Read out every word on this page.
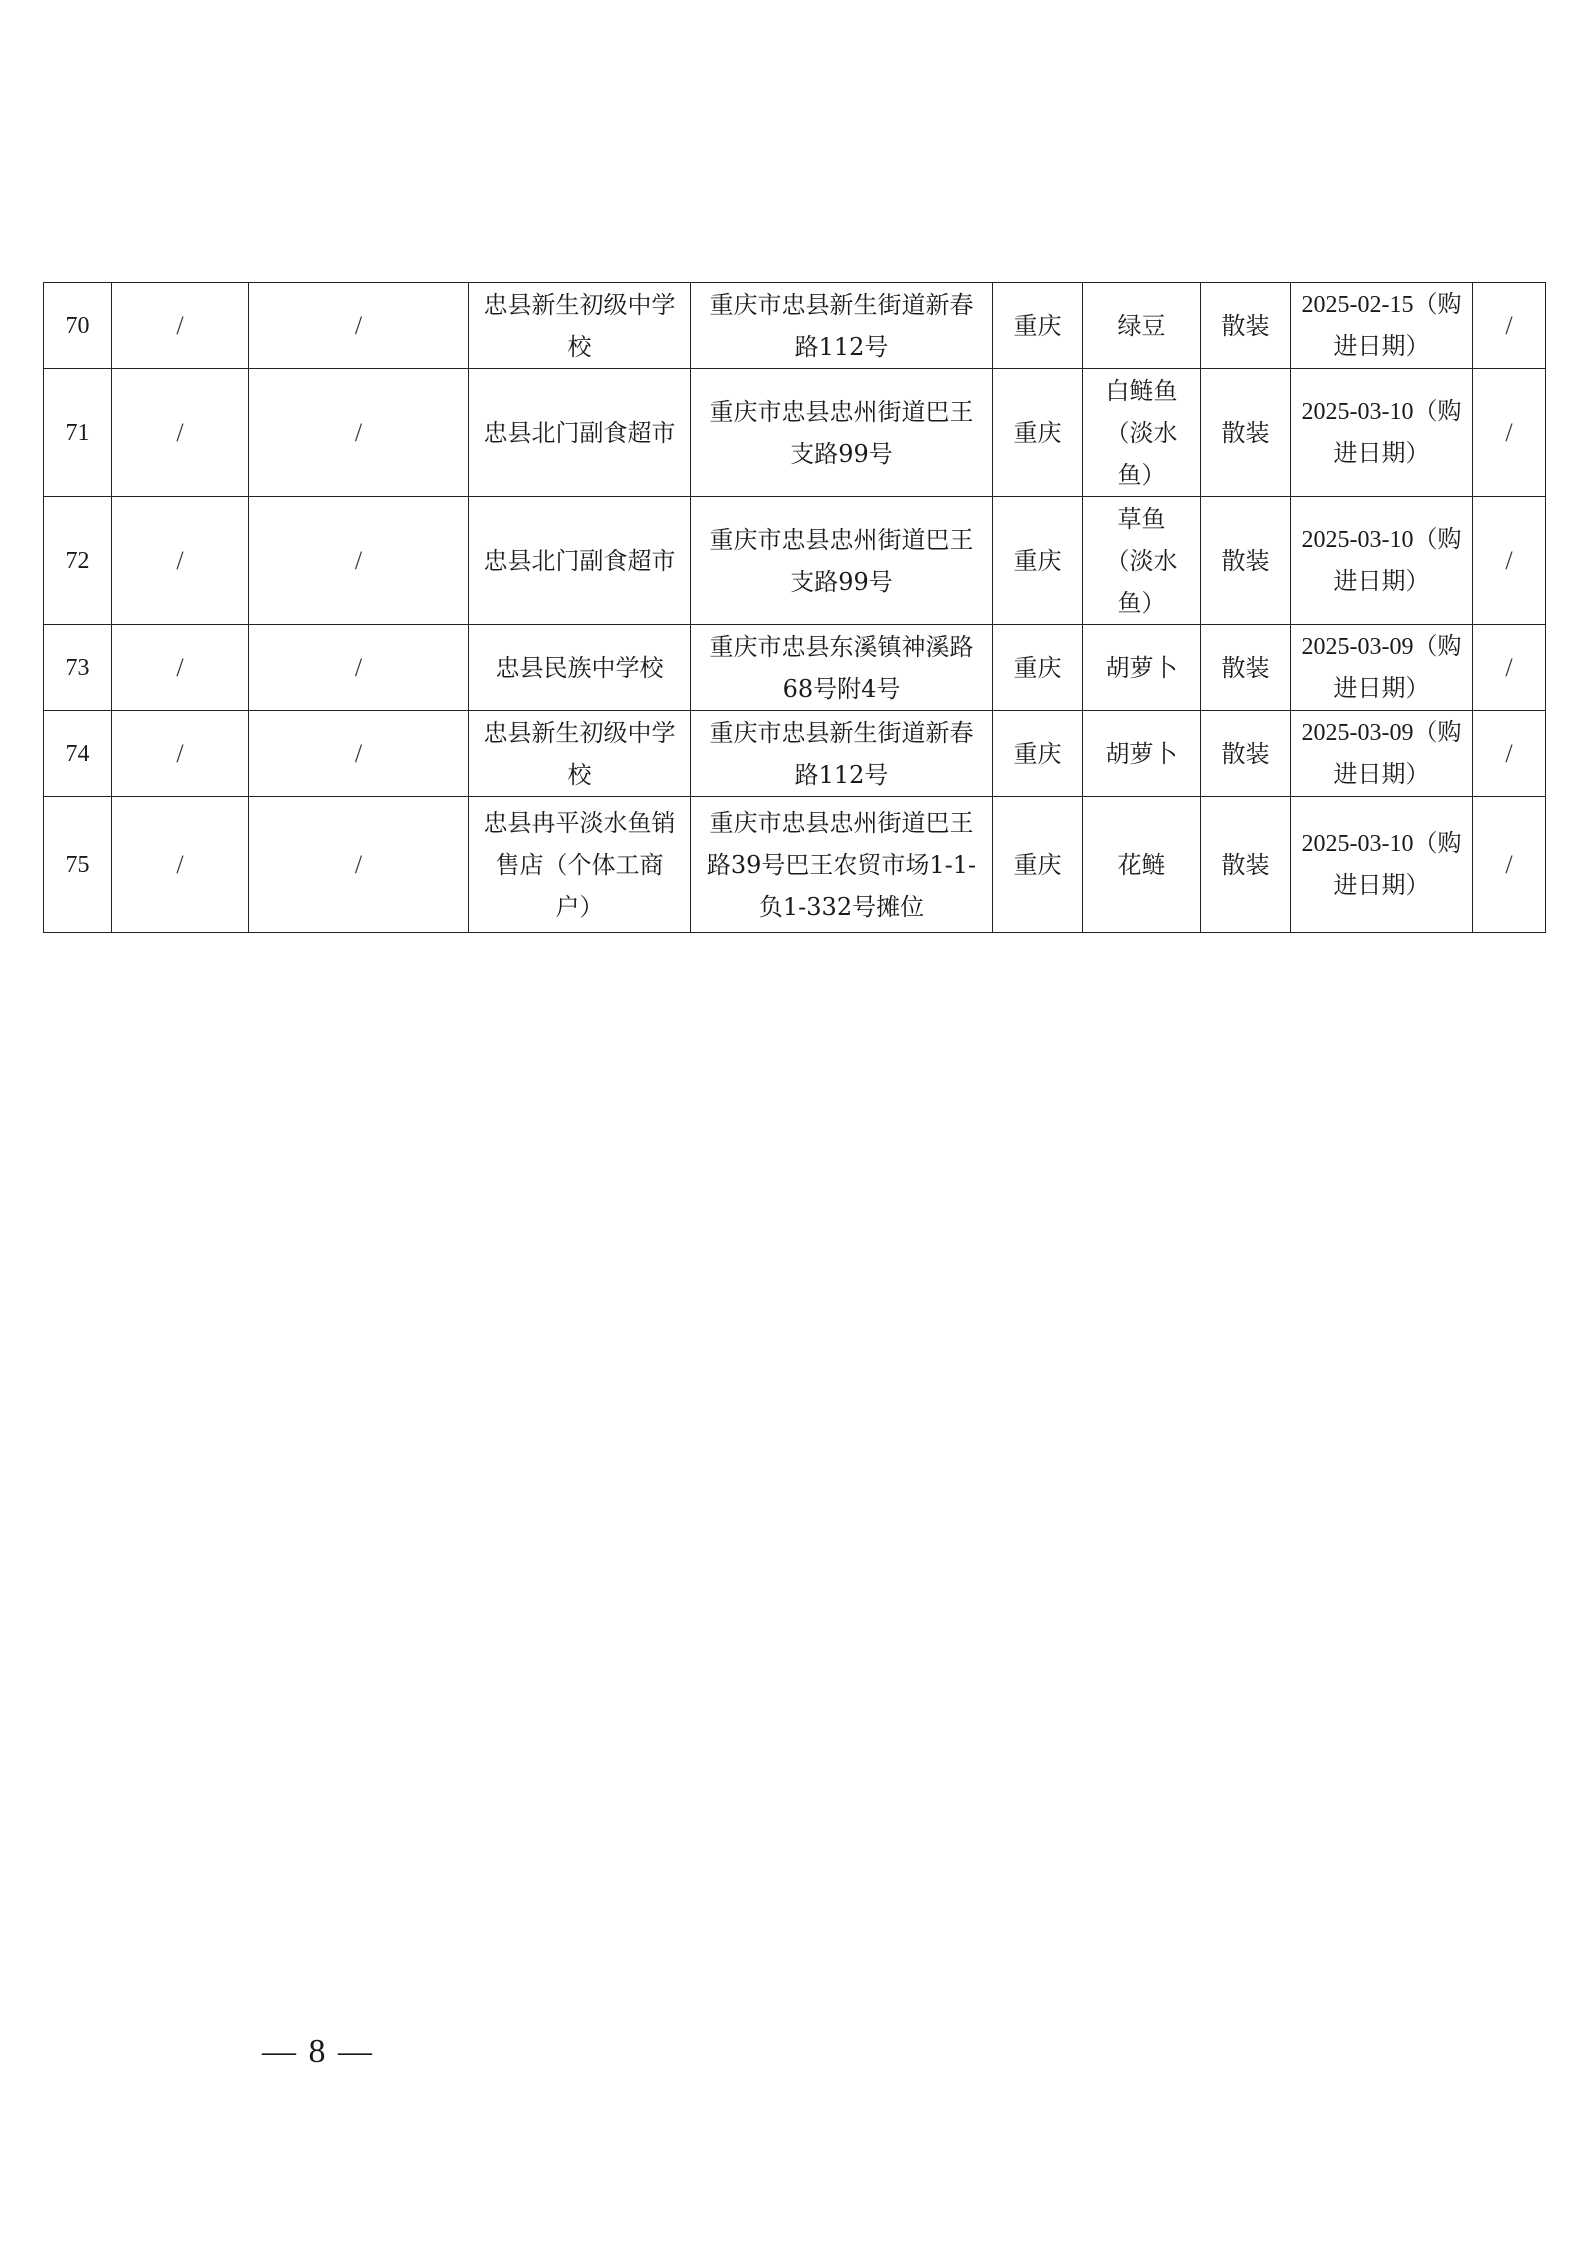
70	/	/	忠县新生初级中学校	重庆市忠县新生街道新春路112号	重庆	绿豆	散装	2025-02-15（购进日期）	/
71	/	/	忠县北门副食超市	重庆市忠县忠州街道巴王支路99号	重庆	白鲢鱼（淡水鱼）	散装	2025-03-10（购进日期）	/
72	/	/	忠县北门副食超市	重庆市忠县忠州街道巴王支路99号	重庆	草鱼（淡水鱼）	散装	2025-03-10（购进日期）	/
73	/	/	忠县民族中学校	重庆市忠县东溪镇神溪路68号附4号	重庆	胡萝卜	散装	2025-03-09（购进日期）	/
74	/	/	忠县新生初级中学校	重庆市忠县新生街道新春路112号	重庆	胡萝卜	散装	2025-03-09（购进日期）	/
75	/	/	忠县冉平淡水鱼销售店（个体工商户）	重庆市忠县忠州街道巴王路39号巴王农贸市场1-1-负1-332号摊位	重庆	花鲢	散装	2025-03-10（购进日期）	/
— 8 —
